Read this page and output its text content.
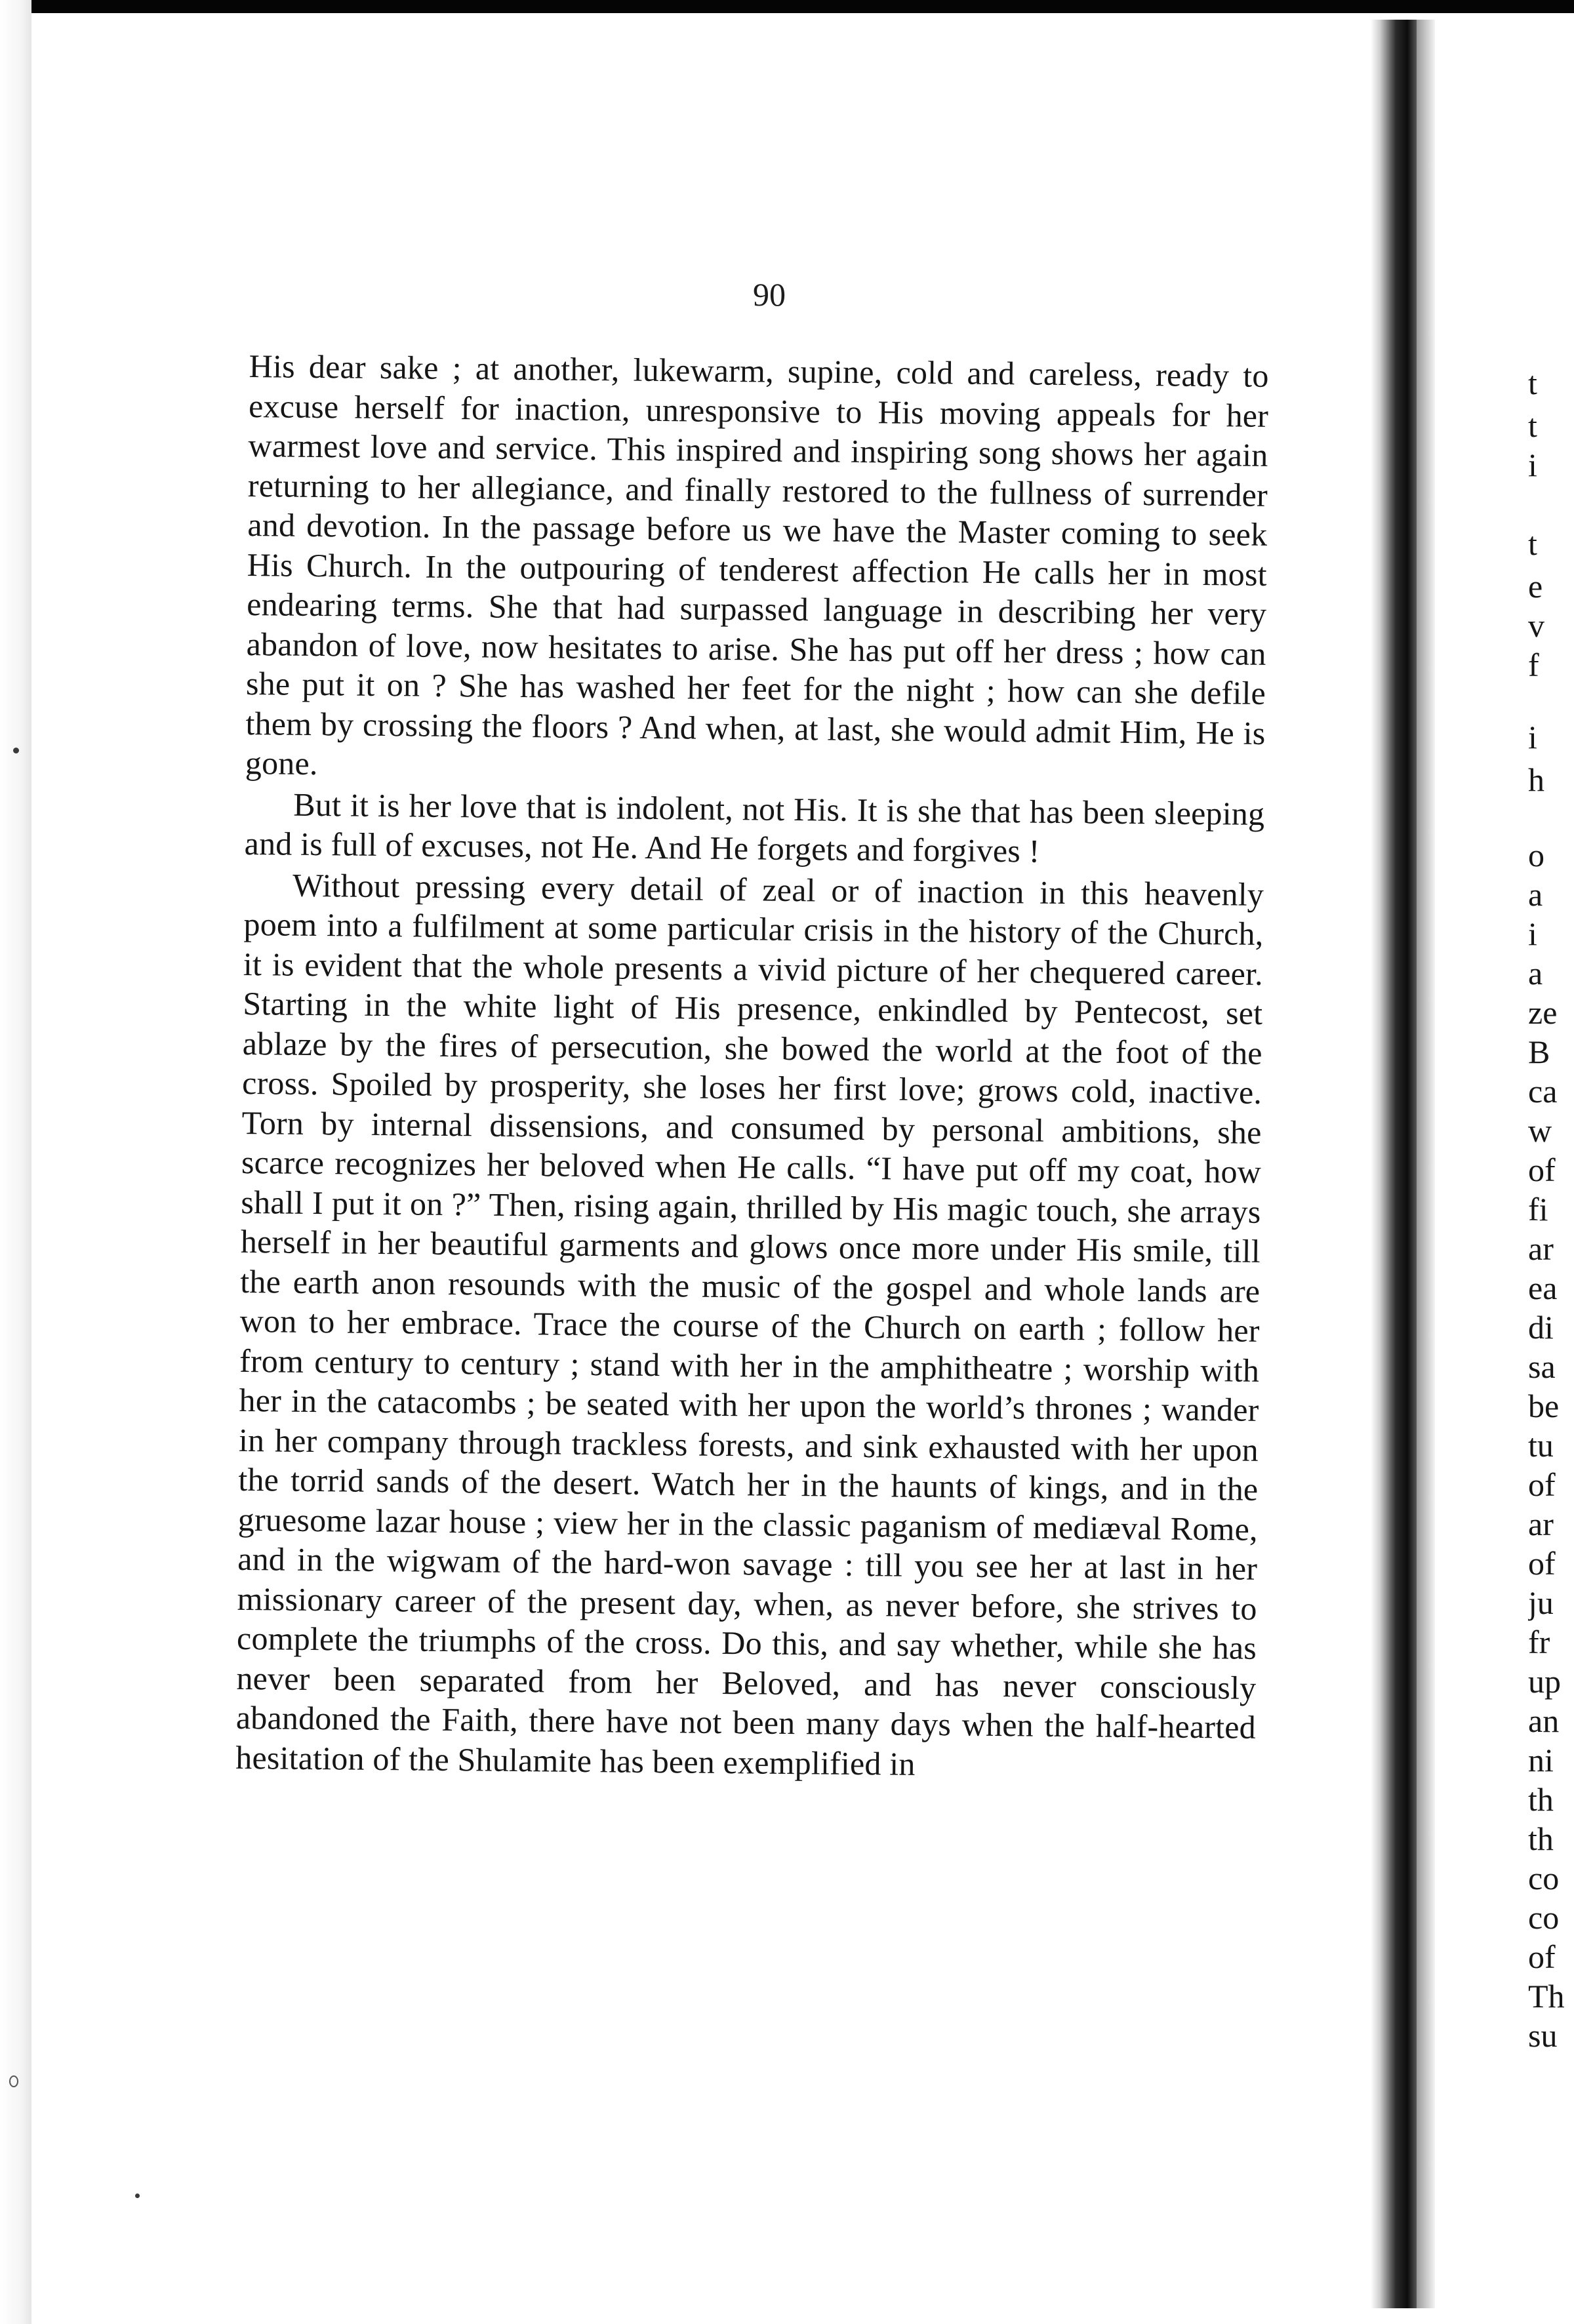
90

His dear sake ; at another, lukewarm, supine, cold and careless, ready to excuse herself for inaction, unresponsive to His moving appeals for her warmest love and service. This inspired and inspiring song shows her again returning to her allegiance, and finally restored to the fullness of surrender and devotion. In the passage before us we have the Master coming to seek His Church. In the outpouring of tenderest affection He calls her in most endearing terms. She that had surpassed language in describing her very abandon of love, now hesitates to arise. She has put off her dress ; how can she put it on ? She has washed her feet for the night ; how can she defile them by crossing the floors ? And when, at last, she would admit Him, He is gone.

But it is her love that is indolent, not His. It is she that has been sleeping and is full of excuses, not He. And He forgets and forgives !

Without pressing every detail of zeal or of inaction in this heavenly poem into a fulfilment at some particular crisis in the history of the Church, it is evident that the whole presents a vivid picture of her chequered career. Starting in the white light of His presence, enkindled by Pentecost, set ablaze by the fires of persecution, she bowed the world at the foot of the cross. Spoiled by prosperity, she loses her first love; grows cold, inactive. Torn by internal dissensions, and consumed by personal ambitions, she scarce recognizes her beloved when He calls. “I have put off my coat, how shall I put it on ?” Then, rising again, thrilled by His magic touch, she arrays herself in her beautiful garments and glows once more under His smile, till the earth anon resounds with the music of the gospel and whole lands are won to her embrace. Trace the course of the Church on earth ; follow her from century to century ; stand with her in the amphitheatre ; worship with her in the catacombs ; be seated with her upon the world’s thrones ; wander in her company through trackless forests, and sink exhausted with her upon the torrid sands of the desert. Watch her in the haunts of kings, and in the gruesome lazar house ; view her in the classic paganism of mediæval Rome, and in the wigwam of the hard-won savage : till you see her at last in her missionary career of the present day, when, as never before, she strives to complete the triumphs of the cross. Do this, and say whether, while she has never been separated from her Beloved, and has never consciously abandoned the Faith, there have not been many days when the half-hearted hesitation of the Shulamite has been exemplified in

t
t
i
t
e
v
f
i
h
o
a
i
a
ze
B
ca
w
of
fi
ar
ea
di
sa
be
tu
of
ar
of
ju
fr
up
an
ni
th
th
co
co
of
Th
su
